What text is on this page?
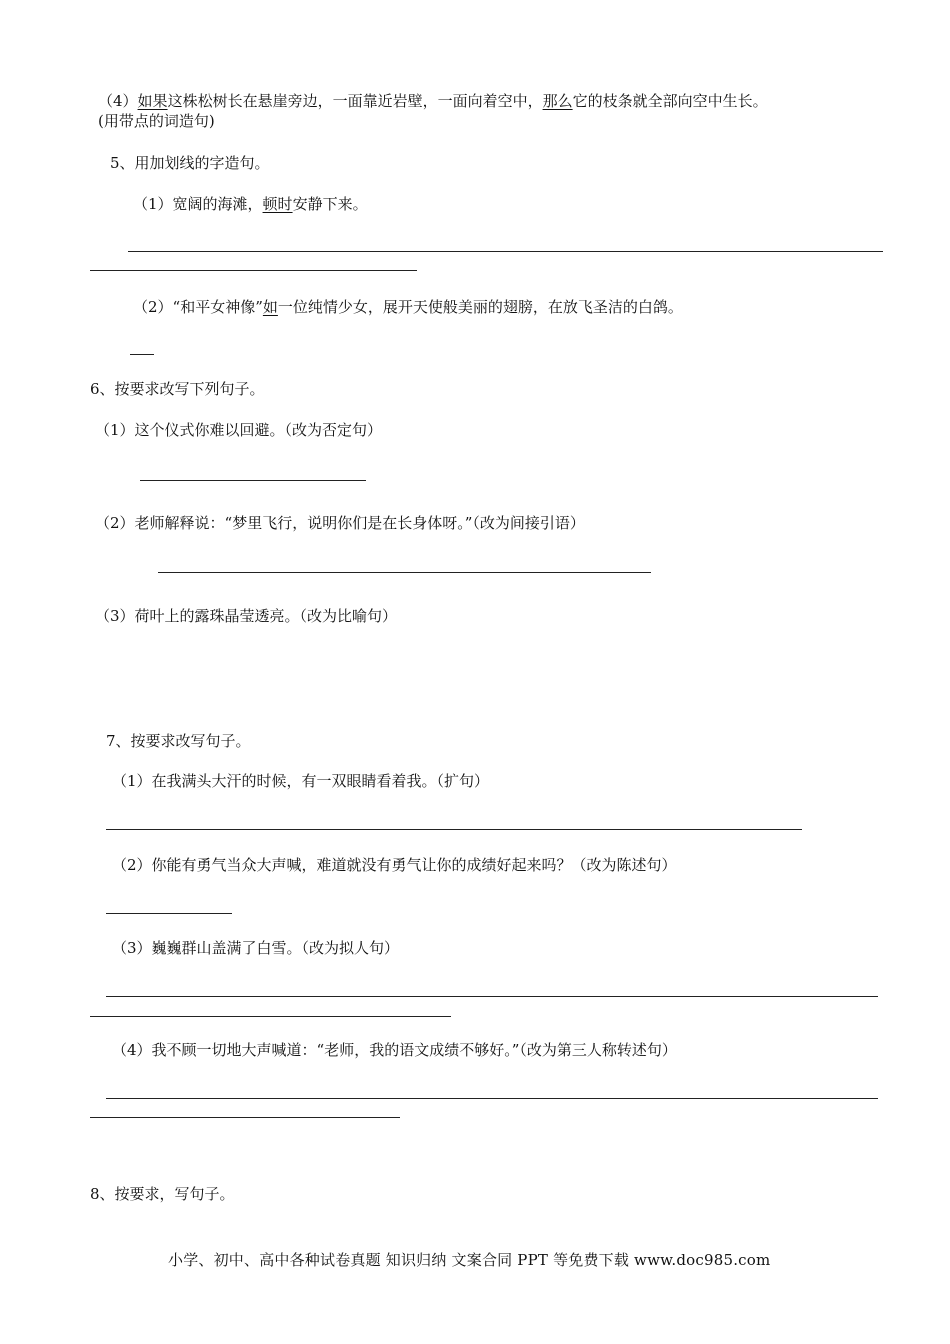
（4）如果这株松树长在悬崖旁边，一面靠近岩壁，一面向着空中，那么它的枝条就全部向空中生长。

(用带点的词造句)

5、用加划线的字造句。

（1）宽阔的海滩，顿时安静下来。

（2）“和平女神像”如一位纯情少女，展开天使般美丽的翅膀，在放飞圣洁的白鸽。

6、按要求改写下列句子。

（1）这个仪式你难以回避。（改为否定句）

（2）老师解释说：“梦里飞行，说明你们是在长身体呀。”（改为间接引语）

（3）荷叶上的露珠晶莹透亮。（改为比喻句）

7、按要求改写句子。

（1）在我满头大汗的时候，有一双眼睛看着我。（扩句）

（2）你能有勇气当众大声喊，难道就没有勇气让你的成绩好起来吗？（改为陈述句）

（3）巍巍群山盖满了白雪。（改为拟人句）

（4）我不顾一切地大声喊道：“老师，我的语文成绩不够好。”（改为第三人称转述句）

8、按要求，写句子。

小学、初中、高中各种试卷真题 知识归纳 文案合同 PPT 等免费下载 www.doc985.com
